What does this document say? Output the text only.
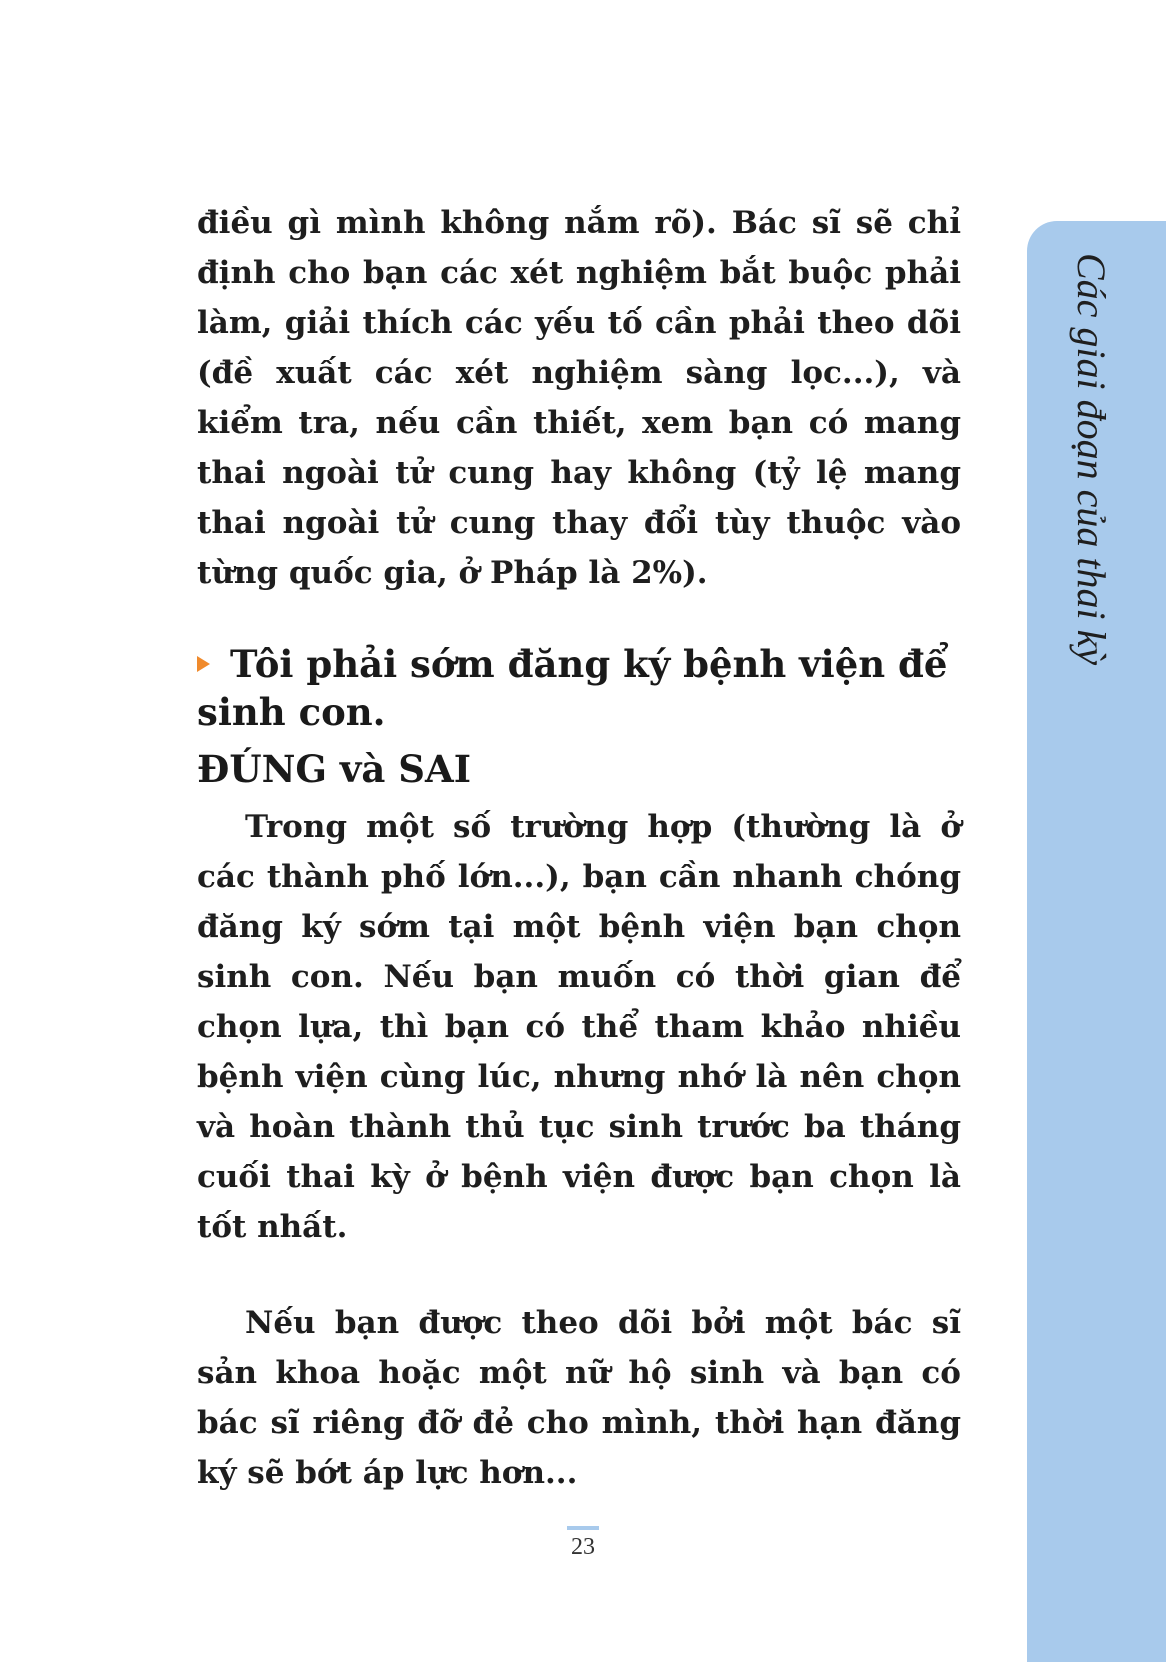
Các giai đoạn của thai kỳ

điều gì mình không nắm rõ). Bác sĩ sẽ chỉ định cho bạn các xét nghiệm bắt buộc phải làm, giải thích các yếu tố cần phải theo dõi (đề xuất các xét nghiệm sàng lọc...), và kiểm tra, nếu cần thiết, xem bạn có mang thai ngoài tử cung hay không (tỷ lệ mang thai ngoài tử cung thay đổi tùy thuộc vào từng quốc gia, ở Pháp là 2%).

Tôi phải sớm đăng ký bệnh viện để sinh con.
ĐÚNG và SAI

Trong một số trường hợp (thường là ở các thành phố lớn...), bạn cần nhanh chóng đăng ký sớm tại một bệnh viện bạn chọn sinh con. Nếu bạn muốn có thời gian để chọn lựa, thì bạn có thể tham khảo nhiều bệnh viện cùng lúc, nhưng nhớ là nên chọn và hoàn thành thủ tục sinh trước ba tháng cuối thai kỳ ở bệnh viện được bạn chọn là tốt nhất.

Nếu bạn được theo dõi bởi một bác sĩ sản khoa hoặc một nữ hộ sinh và bạn có bác sĩ riêng đỡ đẻ cho mình, thời hạn đăng ký sẽ bớt áp lực hơn...

23
